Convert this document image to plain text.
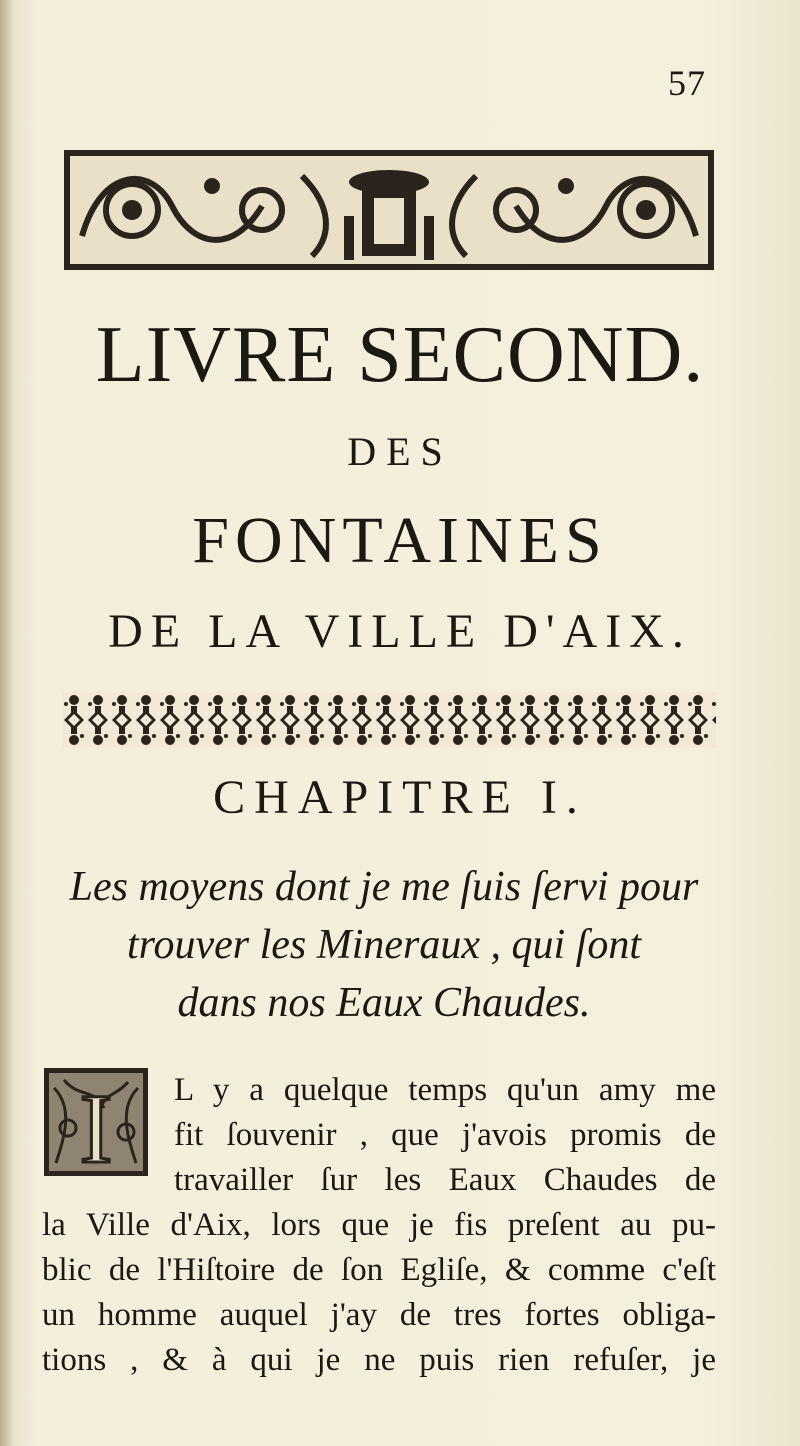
57
LIVRE SECOND.
DES
FONTAINES
DE LA VILLE D'AIX.
CHAPITRE I.
Les moyens dont je me ſuis ſervi pour
trouver les Mineraux , qui ſont
dans nos Eaux Chaudes.
I L y a quelque temps qu'un amy me
fit ſouvenir , que j'avois promis de
travailler ſur les Eaux Chaudes de
la Ville d'Aix, lors que je fis preſent au pu-
blic de l'Hiſtoire de ſon Egliſe, & comme c'eſt
un homme auquel j'ay de tres fortes obliga-
tions , & à qui je ne puis rien refuſer, je
